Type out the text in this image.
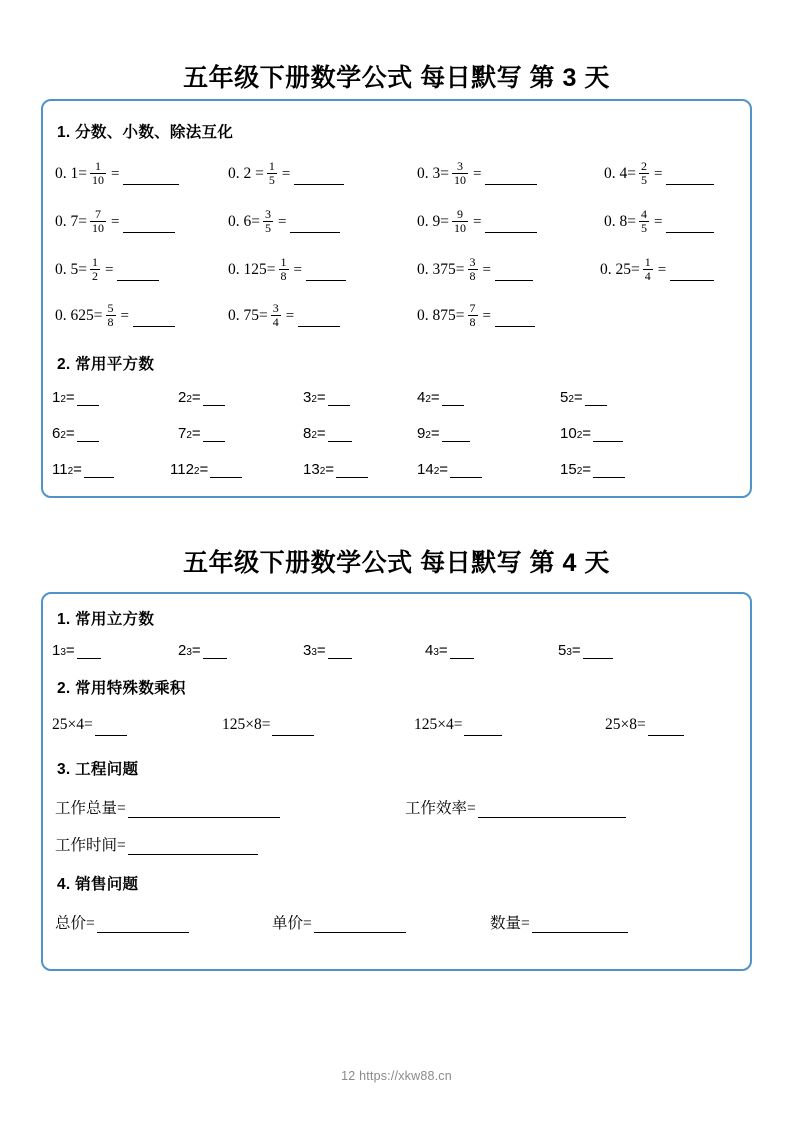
五年级下册数学公式 每日默写 第 3 天
1. 分数、小数、除法互化
0. $1= \frac{1}{10}$ =	0. $2 = \frac{1}{5}$ =	0. $3= \frac{3}{10}$ =	0. $4= \frac{2}{5}$ =
0. $7= \frac{7}{10}$ =	0. $6= \frac{3}{5}$ =	0. $9= \frac{9}{10}$ =	0. $8= \frac{4}{5}$ =
0. $5= \frac{1}{2}$ =	0. $125= \frac{1}{8}$ =	0. $375= \frac{3}{8}$ =	0. $25= \frac{1}{4}$ =
0. $625= \frac{5}{8}$ =	0. $75= \frac{3}{4}$ =	0. $875= \frac{7}{8}$ =
2. 常用平方数
1 2 =	2 2 =	3 2 =	4 2 =	5 2 =
6 2 =	7 2 =	8 2 =	9 2 =	10 2 =
11 2 =	112 2 =	13 2 =	14 2 =	15 2 =
五年级下册数学公式 每日默写 第 4 天
1. 常用立方数
1 3 =	2 3 =	3 3 =	4 3 =	5 3 =
2. 常用特殊数乘积
25×4=	125×8=	125×4=	25×8=
3. 工程问题
工作总量=	工作效率=
工作时间=
4. 销售问题
总价=	单价=	数量=
12 https://xkw88.cn
